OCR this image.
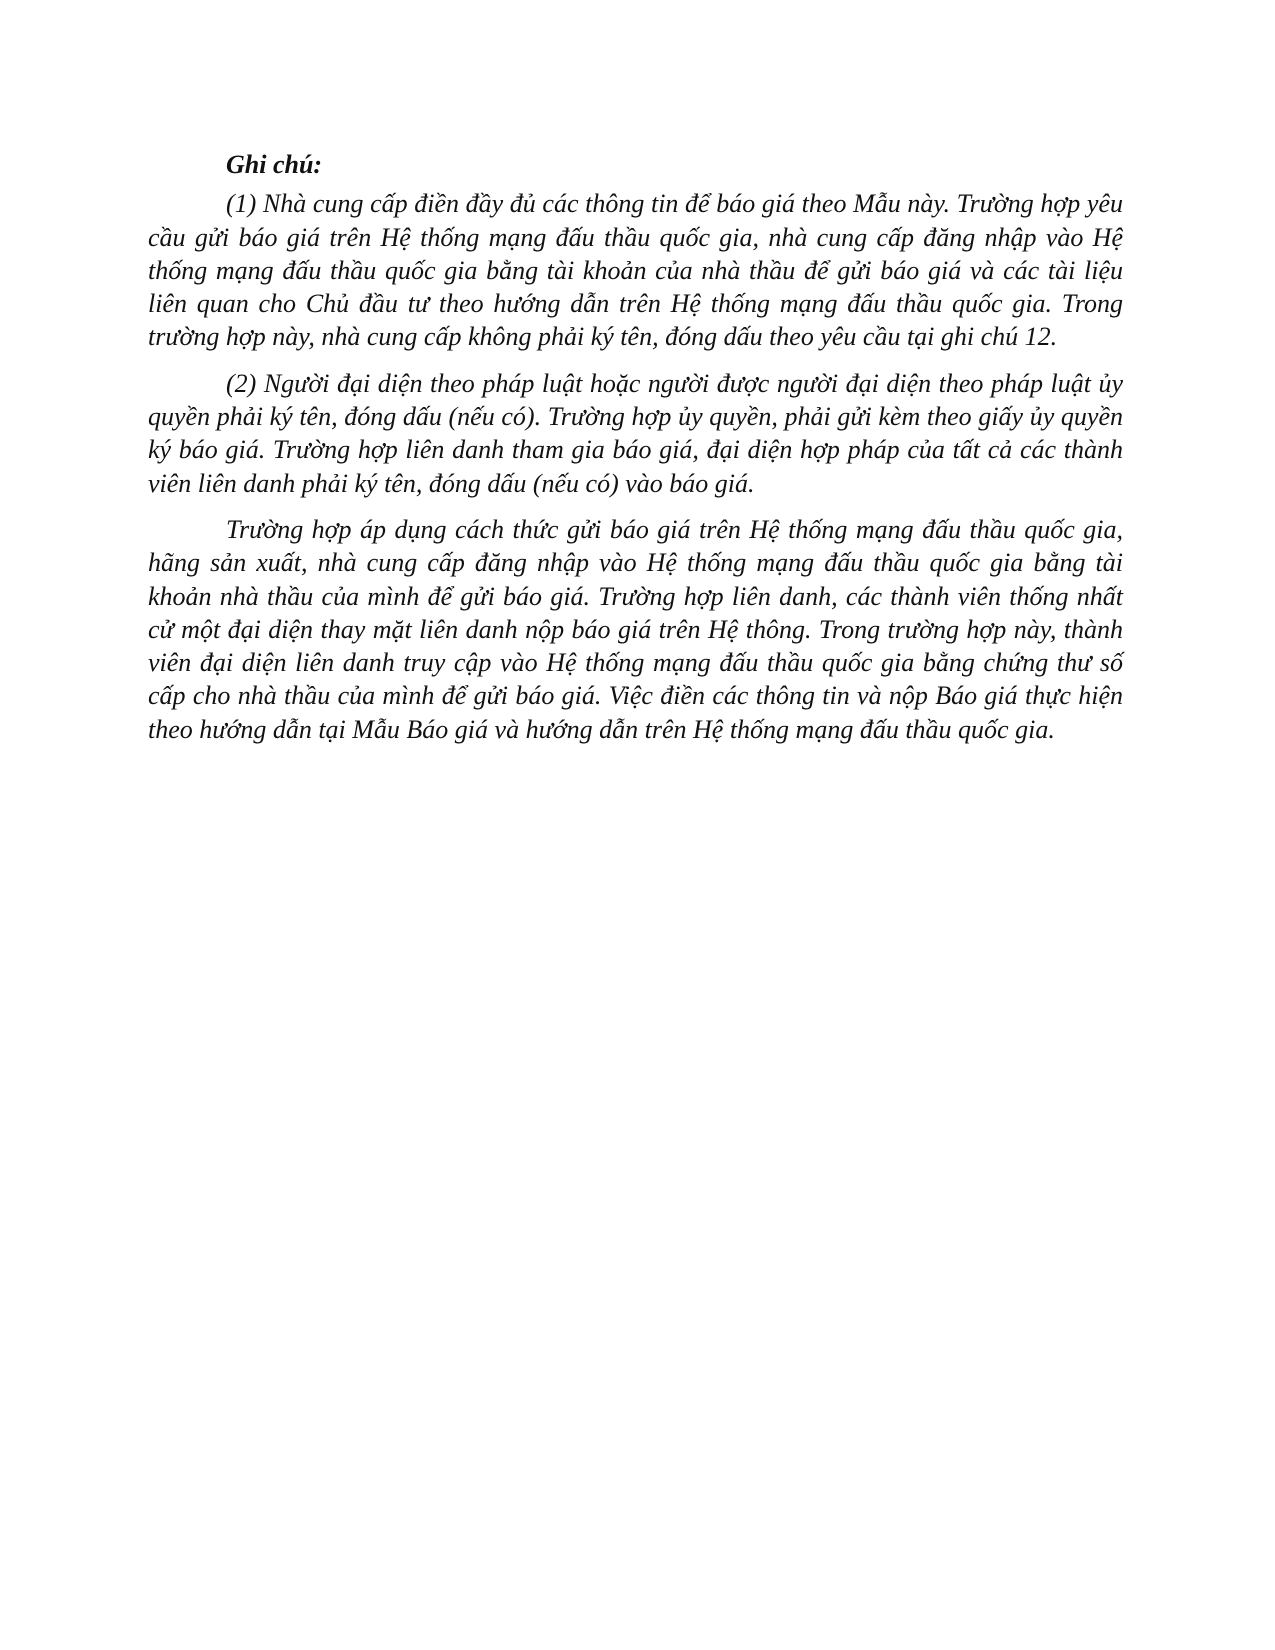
Ghi chú:

(1) Nhà cung cấp điền đầy đủ các thông tin để báo giá theo Mẫu này. Trường hợp yêu cầu gửi báo giá trên Hệ thống mạng đấu thầu quốc gia, nhà cung cấp đăng nhập vào Hệ thống mạng đấu thầu quốc gia bằng tài khoản của nhà thầu để gửi báo giá và các tài liệu liên quan cho Chủ đầu tư theo hướng dẫn trên Hệ thống mạng đấu thầu quốc gia. Trong trường hợp này, nhà cung cấp không phải ký tên, đóng dấu theo yêu cầu tại ghi chú 12.

(2) Người đại diện theo pháp luật hoặc người được người đại diện theo pháp luật ủy quyền phải ký tên, đóng dấu (nếu có). Trường hợp ủy quyền, phải gửi kèm theo giấy ủy quyền ký báo giá. Trường hợp liên danh tham gia báo giá, đại diện hợp pháp của tất cả các thành viên liên danh phải ký tên, đóng dấu (nếu có) vào báo giá.

Trường hợp áp dụng cách thức gửi báo giá trên Hệ thống mạng đấu thầu quốc gia, hãng sản xuất, nhà cung cấp đăng nhập vào Hệ thống mạng đấu thầu quốc gia bằng tài khoản nhà thầu của mình để gửi báo giá. Trường hợp liên danh, các thành viên thống nhất cử một đại diện thay mặt liên danh nộp báo giá trên Hệ thông. Trong trường hợp này, thành viên đại diện liên danh truy cập vào Hệ thống mạng đấu thầu quốc gia bằng chứng thư số cấp cho nhà thầu của mình để gửi báo giá. Việc điền các thông tin và nộp Báo giá thực hiện theo hướng dẫn tại Mẫu Báo giá và hướng dẫn trên Hệ thống mạng đấu thầu quốc gia.
